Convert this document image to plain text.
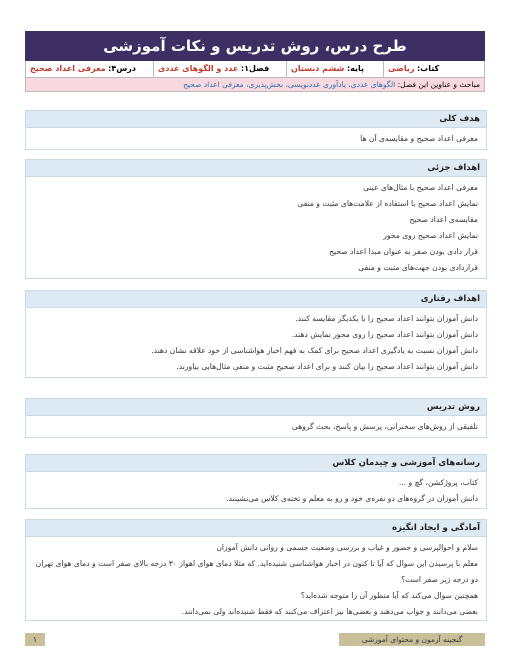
طرح درس، روش تدریس و نکات آموزشی
کتاب: ریاضی
پایه: ششم دبستان
فصل۱: عدد و الگوهای عددی
درس۴: معرفی اعداد صحیح
مباحث و عناوین این فصل: الگوهای عددی، یادآوری عددنویسی، بخش‌پذیری، معرفی اعداد صحیح
هدف کلی
معرفی اعداد صحیح و مقایسه‌ی آن ها
اهداف جزئی
معرفی اعداد صحیح با مثال‌های عینی
نمایش اعداد صحیح با استفاده از علامت‌های مثبت و منفی
مقایسه‌ی اعداد صحیح
نمایش اعداد صحیح روی محور
قرار دادی بودن صفر به عنوان مبدا اعداد صحیح
قراردادی بودن جهت‌های مثبت و منفی
اهداف رفتاری
دانش آموزان بتوانند اعداد صحیح را با یکدیگر مقایسه کنند.
دانش آموزان بتوانند اعداد صحیح را روی محور نمایش دهند.
دانش آموزان نسبت به یادگیری اعداد صحیح برای کمک به فهم اخبار هواشناسی از خود علاقه نشان دهند.
دانش آموزان بتوانند اعداد صحیح را بیان کنند و برای اعداد صحیح مثبت و منفی مثال‌هایی بیاورند.
روش تدریس
تلفیقی از روش‌های سخنرانی، پرسش و پاسخ، بحث گروهی
رسانه‌های آموزشی و چیدمان کلاس
کتاب، پروژکشن، گچ و ...
دانش آموزان در گروه‌های دو نفره‌ی خود و رو به معلم و تخته‌ی کلاس می‌نشینند.
آمادگی و ایجاد انگیزه
سلام و احوالپرسی و حضور و غیاب و بررسی وضعیت جسمی و روانی دانش آموزان
معلم با پرسیدن این سوال که آیا تا کنون در اخبار هواشناسی شنیده‌اید. که مثلا دمای هوای اهواز ۳۰ درجه بالای صفر است و دمای هوای تهران دو درجه زیر صفر است؟
همچنین سوال می‌کند که آیا منظور آن را متوجه شده‌اید؟
بعضی می‌دانند و جواب می‌دهند و بعضی‌ها نیز اعتراف می‌کنند که فقط شنیده‌اند ولی نمی‌دانند.
۱	گنجینه آزمون و محتوای آموزشی
